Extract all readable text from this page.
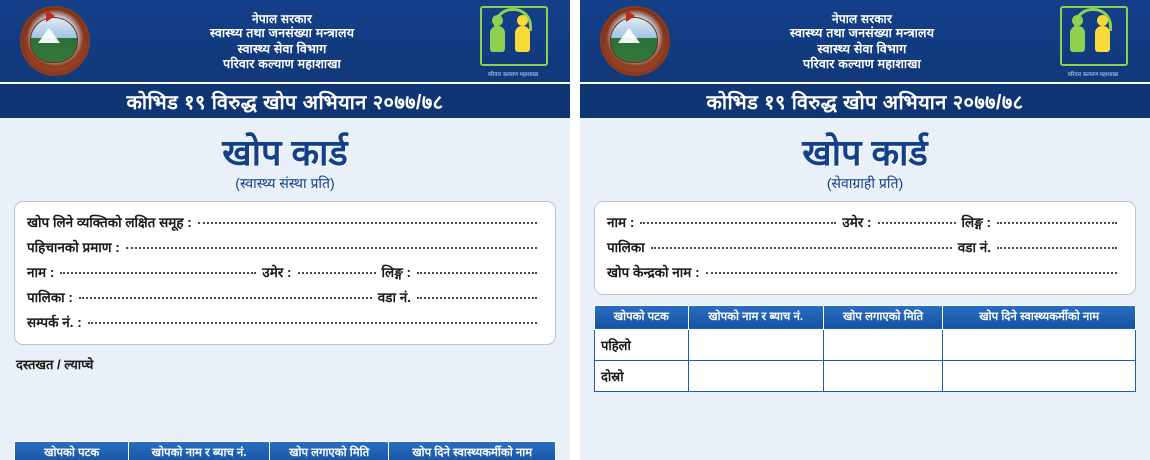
नेपाल सरकार
स्वास्थ्य तथा जनसंख्या मन्त्रालय
स्वास्थ्य सेवा विभाग
परिवार कल्याण महाशाखा
परिवार कल्याण महाशाखा
कोभिड १९ विरुद्ध खोप अभियान २०७७/७८
खोप कार्ड
(स्वास्थ्य संस्था प्रति)
खोप लिने व्यक्तिको लक्षित समूह :
पहिचानको प्रमाण :
नाम :	उमेर :	लिङ्ग :
पालिका :	वडा नं.
सम्पर्क नं. :
दस्तखत / ल्याप्चे
खोपको पटक	खोपको नाम र ब्याच नं.	खोप लगाएको मिति	खोप दिने स्वास्थ्यकर्मीको नाम
नेपाल सरकार
स्वास्थ्य तथा जनसंख्या मन्त्रालय
स्वास्थ्य सेवा विभाग
परिवार कल्याण महाशाखा
परिवार कल्याण महाशाखा
कोभिड १९ विरुद्ध खोप अभियान २०७७/७८
खोप कार्ड
(सेवाग्राही प्रति)
नाम :	उमेर :	लिङ्ग :
पालिका	वडा नं.
खोप केन्द्रको नाम :
खोपको पटक	खोपको नाम र ब्याच नं.	खोप लगाएको मिति	खोप दिने स्वास्थ्यकर्मीको नाम
पहिलो			
दोस्रो			
